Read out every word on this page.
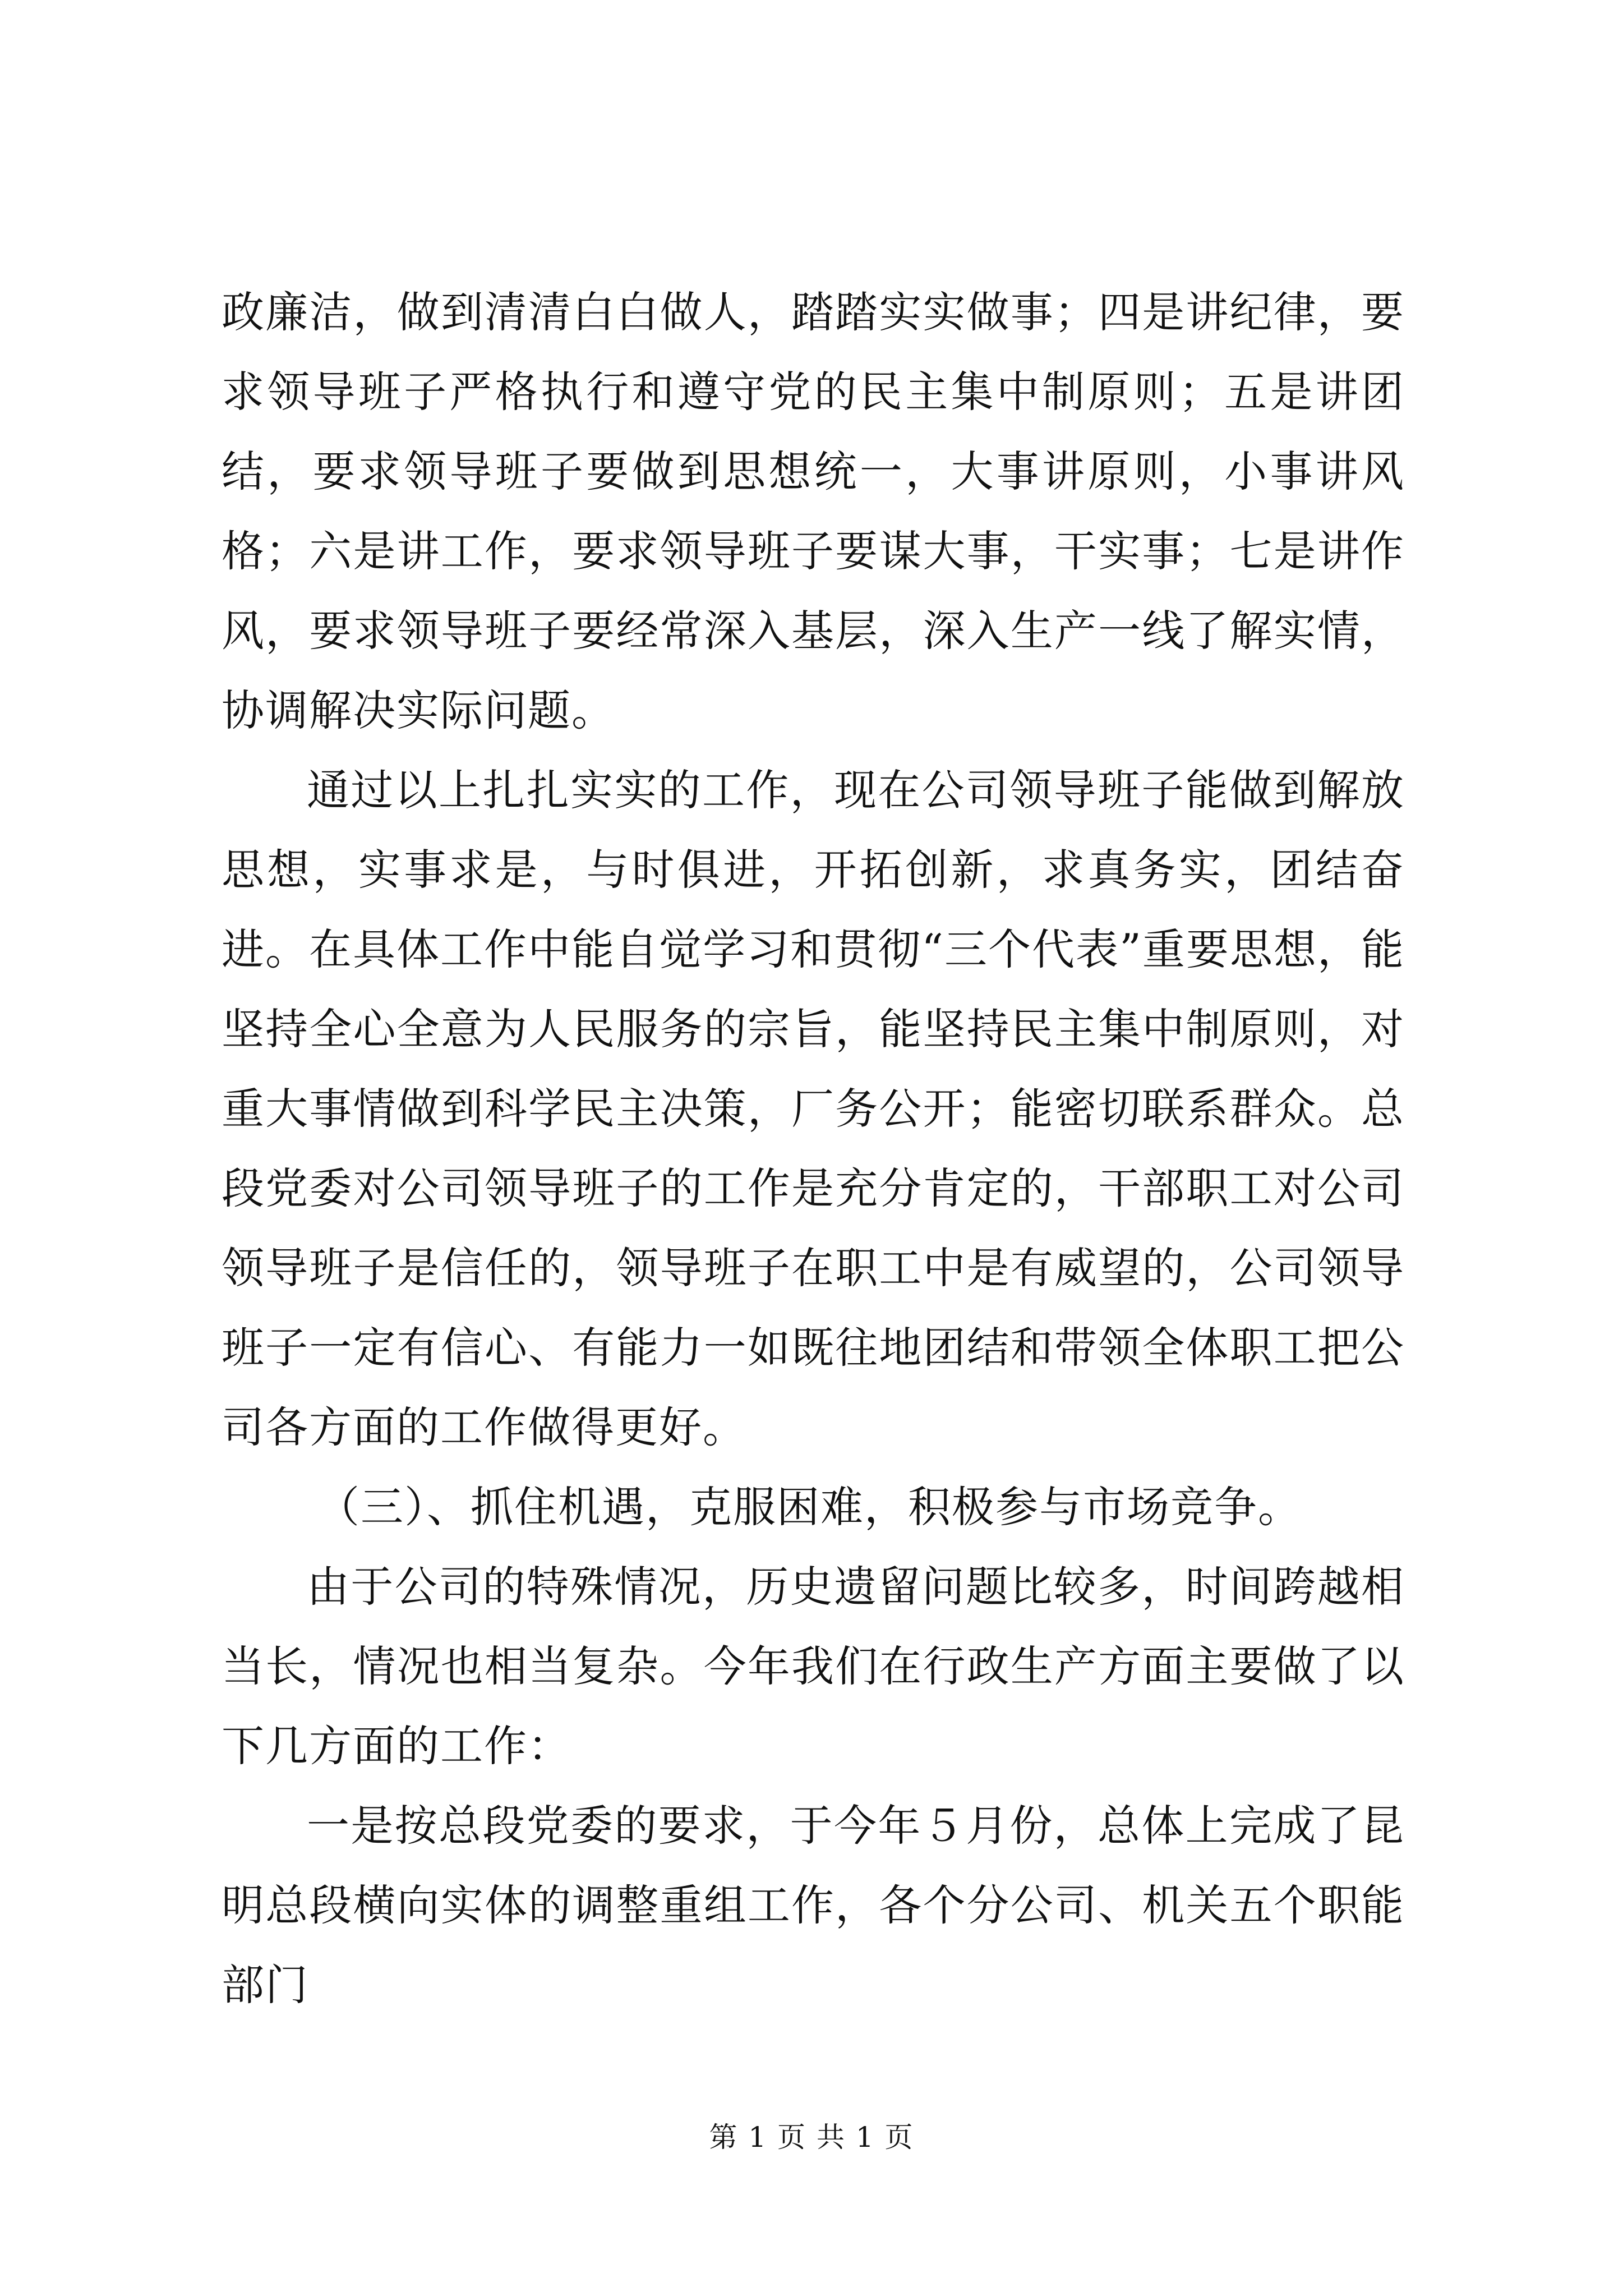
政廉洁，做到清清白白做人，踏踏实实做事；四是讲纪律，要求领导班子严格执行和遵守党的民主集中制原则；五是讲团结，要求领导班子要做到思想统一，大事讲原则，小事讲风格；六是讲工作，要求领导班子要谋大事，干实事；七是讲作风，要求领导班子要经常深入基层，深入生产一线了解实情，协调解决实际问题。

通过以上扎扎实实的工作，现在公司领导班子能做到解放思想，实事求是，与时俱进，开拓创新，求真务实，团结奋进。在具体工作中能自觉学习和贯彻“三个代表”重要思想，能坚持全心全意为人民服务的宗旨，能坚持民主集中制原则，对重大事情做到科学民主决策，厂务公开；能密切联系群众。总段党委对公司领导班子的工作是充分肯定的，干部职工对公司领导班子是信任的，领导班子在职工中是有威望的，公司领导班子一定有信心、有能力一如既往地团结和带领全体职工把公司各方面的工作做得更好。

（三）、抓住机遇，克服困难，积极参与市场竞争。

由于公司的特殊情况，历史遗留问题比较多，时间跨越相当长，情况也相当复杂。今年我们在行政生产方面主要做了以下几方面的工作：

一是按总段党委的要求，于今年５月份，总体上完成了昆明总段横向实体的调整重组工作，各个分公司、机关五个职能部门

第 1 页 共 1 页
